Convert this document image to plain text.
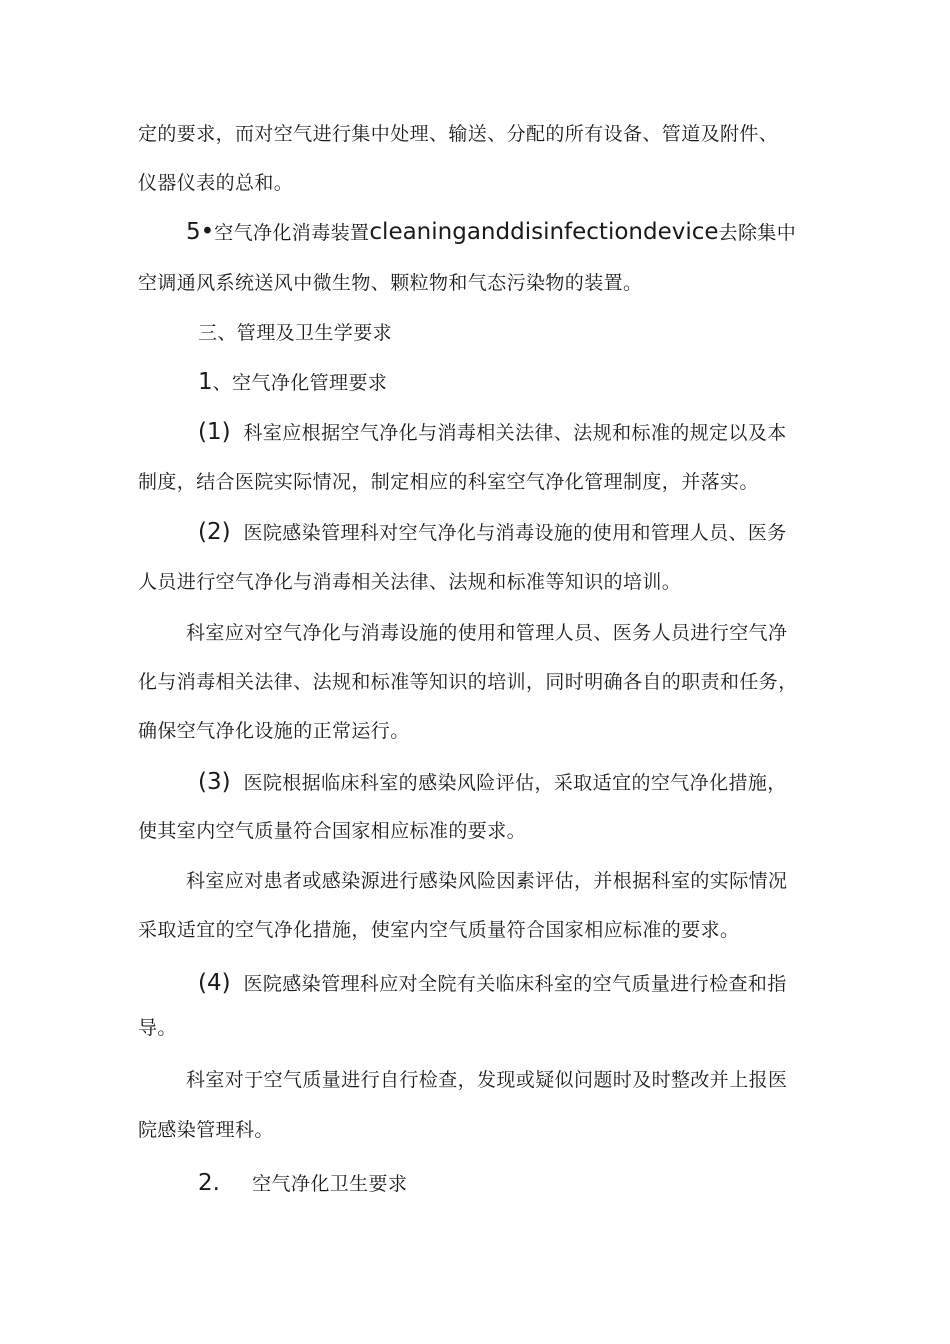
定的要求，而对空气进行集中处理、输送、分配的所有设备、管道及附件、
仪器仪表的总和。
5•空气净化消毒装置cleaninganddisinfectiondevice去除集中
空调通风系统送风中微生物、颗粒物和气态污染物的装置。
三、管理及卫生学要求
1、空气净化管理要求
(1) 科室应根据空气净化与消毒相关法律、法规和标准的规定以及本
制度，结合医院实际情况，制定相应的科室空气净化管理制度，并落实。
(2) 医院感染管理科对空气净化与消毒设施的使用和管理人员、医务
人员进行空气净化与消毒相关法律、法规和标准等知识的培训。
科室应对空气净化与消毒设施的使用和管理人员、医务人员进行空气净
化与消毒相关法律、法规和标准等知识的培训，同时明确各自的职责和任务，
确保空气净化设施的正常运行。
(3) 医院根据临床科室的感染风险评估，采取适宜的空气净化措施，
使其室内空气质量符合国家相应标准的要求。
科室应对患者或感染源进行感染风险因素评估，并根据科室的实际情况
采取适宜的空气净化措施，使室内空气质量符合国家相应标准的要求。
(4) 医院感染管理科应对全院有关临床科室的空气质量进行检查和指
导。
科室对于空气质量进行自行检查，发现或疑似问题时及时整改并上报医
院感染管理科。
2. 空气净化卫生要求
